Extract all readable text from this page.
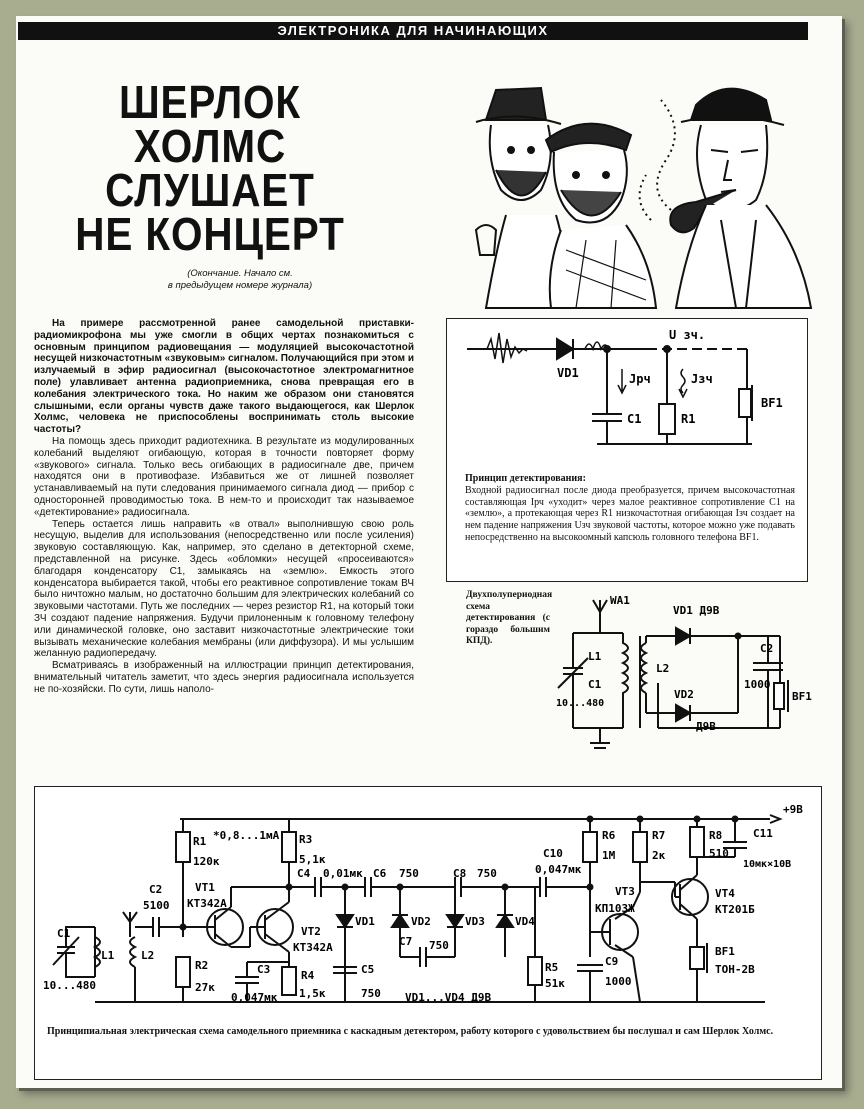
ЭЛЕКТРОНИКА ДЛЯ НАЧИНАЮЩИХ
ШЕРЛОК
ХОЛМС
СЛУШАЕТ
НЕ КОНЦЕРТ
(Окончание. Начало см.
в предыдущем номере журнала)

На примере рассмотренной ранее самодельной приставки-радиомикрофона мы уже смогли в общих чертах познакомиться с основным принципом радиовещания — модуляцией высокочастотной несущей низкочастотным «звуковым» сигналом. Получающийся при этом и излучаемый в эфир радиосигнал (высокочастотное электромагнитное поле) улавливает антенна радиоприемника, снова превращая его в колебания электрического тока. Но наким же образом они становятся слышными, если органы чувств даже такого выдающегося, как Шерлок Холмс, человека не приспособлены воспринимать столь высокие частоты?

На помощь здесь приходит радиотехника. В результате из модулированных колебаний выделяют огибающую, которая в точности повторяет форму «звукового» сигнала. Только весь огибающих в радиосигнале две, причем находятся они в противофазе. Избавиться же от лишней позволяет устанавливаемый на пути следования принимаемого сигнала диод — прибор с односторонней проводимостью тока. В нем-то и происходит так называемое «детектирование» радиосигнала.

Теперь остается лишь направить «в отвал» выполнившую свою роль несущую, выделив для использования (непосредственно или после усиления) звуковую составляющую. Как, например, это сделано в детекторной схеме, представленной на рисунке. Здесь «обломки» несущей «просеиваются» благодаря конденсатору С1, замыкаясь на «землю». Емкость этого конденсатора выбирается такой, чтобы его реактивное сопротивление токам ВЧ было ничтожно малым, но достаточно большим для электрических колебаний со звуковыми частотами. Путь же последних — через резистор R1, на который токи ЗЧ создают падение напряжения. Будучи прилоненным к головному телефону или динамической головке, оно заставит низкочастотные электрические токи вызывать механические колебания мембраны (или диффузора). И мы услышим желанную радиопередачу.

Всматриваясь в изображенный на иллюстрации принцип детектирования, внимательный читатель заметит, что здесь энергия радиосигнала используется не по-хозяйски. По сути, лишь наполо-

VD1
U зч.
Jрч	Jзч
C1	R1
BF1
Принцип детектирования:
Входной радиосигнал после диода преобразуется, причем высокочастотная составляющая Iрч «уходит» через малое реактивное сопротивление С1 на «землю», а протекающая через R1 низкочастотная огибающая Iзч создает на нем падение напряжения Uзч звуковой частоты, которое можно уже подавать непосредственно на высокоомный капсюль головного телефона BF1.
Двухполупериодная схема детектирования (с гораздо большим КПД).
WA1
VD1 Д9В
L1
C1
10...480
L2
C2
1000
VD2
Д9В
BF1
+9В
R1 *0,8...1мА
120к
R3
5,1к
VT1
КТ342А
VT2
КТ342А
C2
5100
C1
10...480
L1 L2
R2
27к
C3
0,047мк
R4
1,5к
C4 0,01мк C6 750	C8 750
C7 750
C5
750
VD1	VD2	VD3	VD4
VD1...VD4 Д9В
C10
0,047мк
R5
51к
C9
1000
R6
1М
VT3
КП103Ж
R7
2к
R8
510
C11
10мк×10В
VT4
КТ201Б
BF1
ТОН-2В
Принципиальная электрическая схема самодельного приемника с каскадным детектором, работу которого с удовольствием бы послушал и сам Шерлок Холмс.
